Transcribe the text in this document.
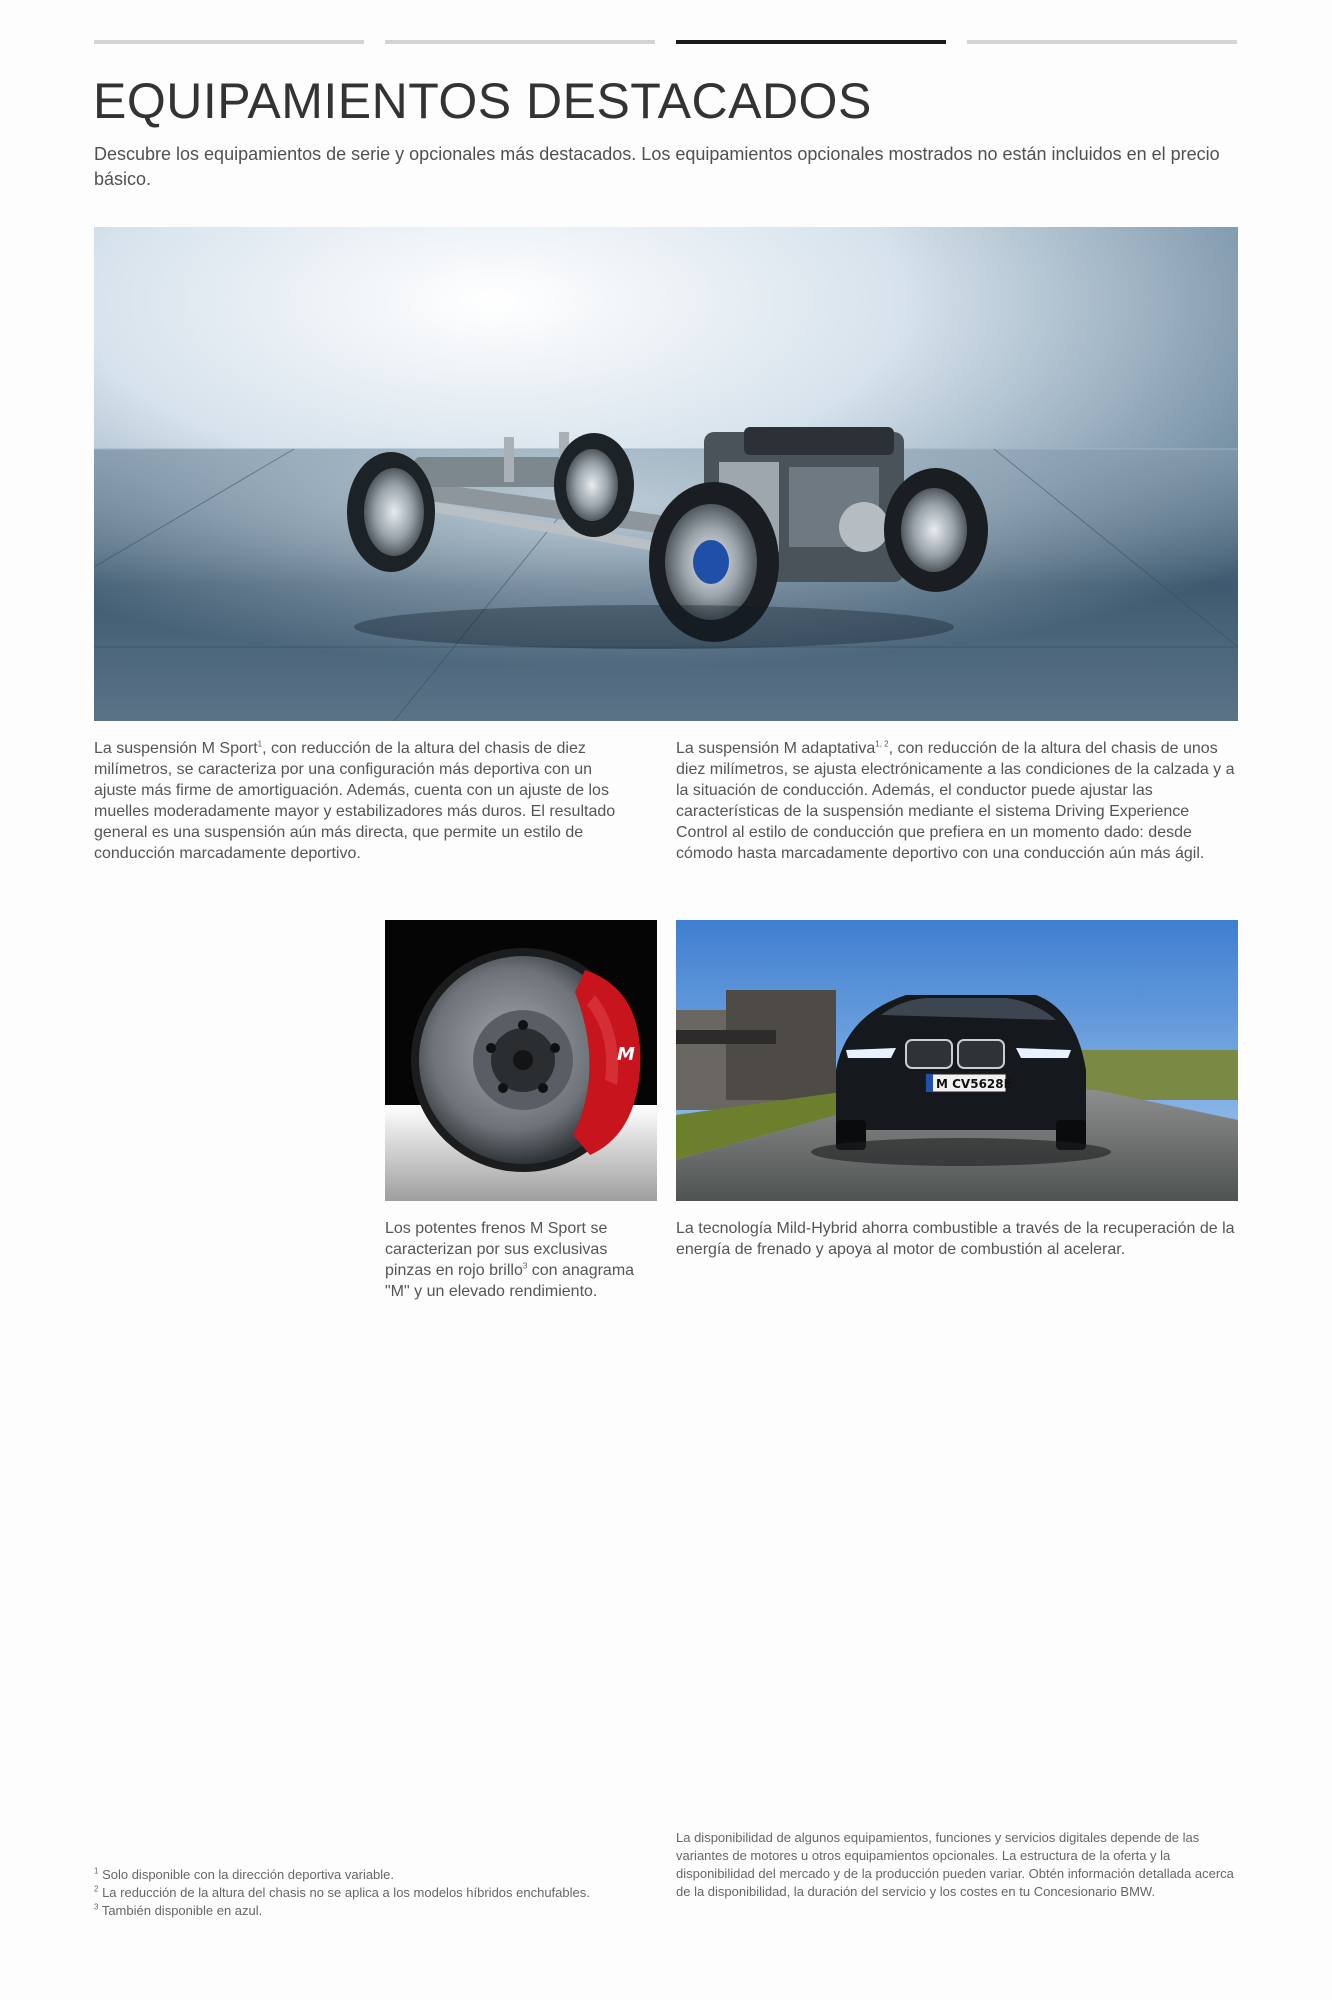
EQUIPAMIENTOS DESTACADOS

Descubre los equipamientos de serie y opcionales más destacados. Los equipamientos opcionales mostrados no están incluidos en el precio básico.

La suspensión M Sport$^1$, con reducción de la altura del chasis de diez milímetros, se caracteriza por una configuración más deportiva con un ajuste más firme de amortiguación. Además, cuenta con un ajuste de los muelles moderadamente mayor y estabilizadores más duros. El resultado general es una suspensión aún más directa, que permite un estilo de conducción marcadamente deportivo.

La suspensión M adaptativa$^{1, 2}$, con reducción de la altura del chasis de unos diez milímetros, se ajusta electrónicamente a las condiciones de la calzada y a la situación de conducción. Además, el conductor puede ajustar las características de la suspensión mediante el sistema Driving Experience Control al estilo de conducción que prefiera en un momento dado: desde cómodo hasta marcadamente deportivo con una conducción aún más ágil.

M
M CV5628E

Los potentes frenos M Sport se caracterizan por sus exclusivas pinzas en rojo brillo$^3$ con anagrama "M" y un elevado rendimiento.

La tecnología Mild-Hybrid ahorra combustible a través de la recuperación de la energía de frenado y apoya al motor de combustión al acelerar.

$^1$ Solo disponible con la dirección deportiva variable.
$^2$ La reducción de la altura del chasis no se aplica a los modelos híbridos enchufables.
$^3$ También disponible en azul.

La disponibilidad de algunos equipamientos, funciones y servicios digitales depende de las variantes de motores u otros equipamientos opcionales. La estructura de la oferta y la disponibilidad del mercado y de la producción pueden variar. Obtén información detallada acerca de la disponibilidad, la duración del servicio y los costes en tu Concesionario BMW.
